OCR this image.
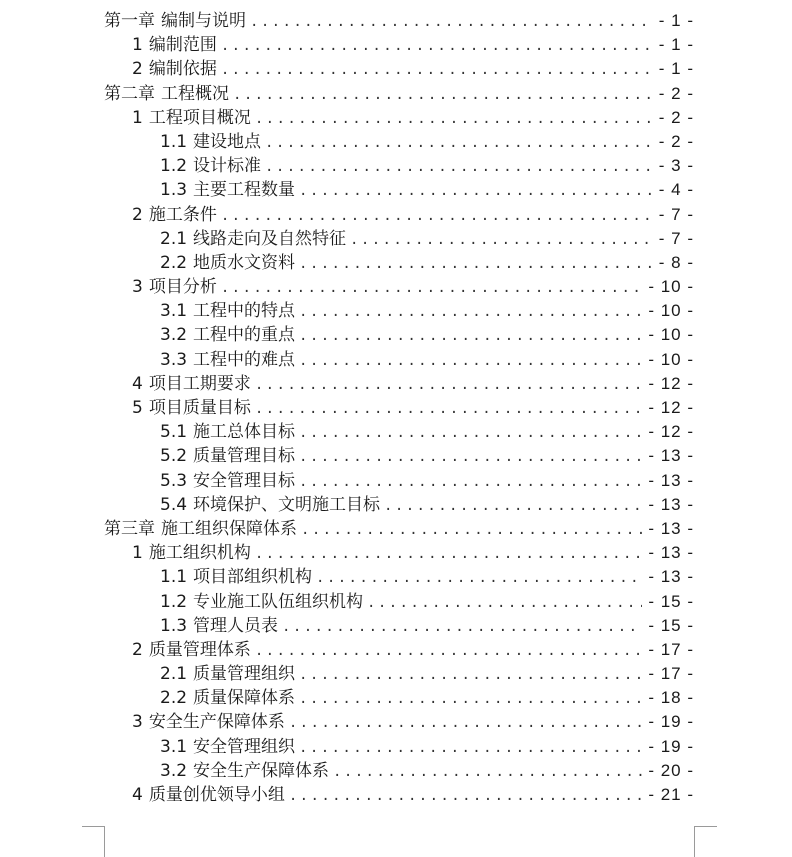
第一章 编制与说明 .....	- 1 -
1 编制范围 .....	- 1 -
2 编制依据 .....	- 1 -
第二章 工程概况 .....	- 2 -
1 工程项目概况 .....	- 2 -
1.1 建设地点 .....	- 2 -
1.2 设计标准 .....	- 3 -
1.3 主要工程数量 .....	- 4 -
2 施工条件 .....	- 7 -
2.1 线路走向及自然特征 .....	- 7 -
2.2 地质水文资料 .....	- 8 -
3 项目分析 .....	- 10 -
3.1 工程中的特点 .....	- 10 -
3.2 工程中的重点 .....	- 10 -
3.3 工程中的难点 .....	- 10 -
4 项目工期要求 .....	- 12 -
5 项目质量目标 .....	- 12 -
5.1 施工总体目标 .....	- 12 -
5.2 质量管理目标 .....	- 13 -
5.3 安全管理目标 .....	- 13 -
5.4 环境保护、文明施工目标 .....	- 13 -
第三章 施工组织保障体系 .....	- 13 -
1 施工组织机构 .....	- 13 -
1.1 项目部组织机构 .....	- 13 -
1.2 专业施工队伍组织机构 .....	- 15 -
1.3 管理人员表 .....	- 15 -
2 质量管理体系 .....	- 17 -
2.1 质量管理组织 .....	- 17 -
2.2 质量保障体系 .....	- 18 -
3 安全生产保障体系 .....	- 19 -
3.1 安全管理组织 .....	- 19 -
3.2 安全生产保障体系 .....	- 20 -
4 质量创优领导小组 .....	- 21 -
